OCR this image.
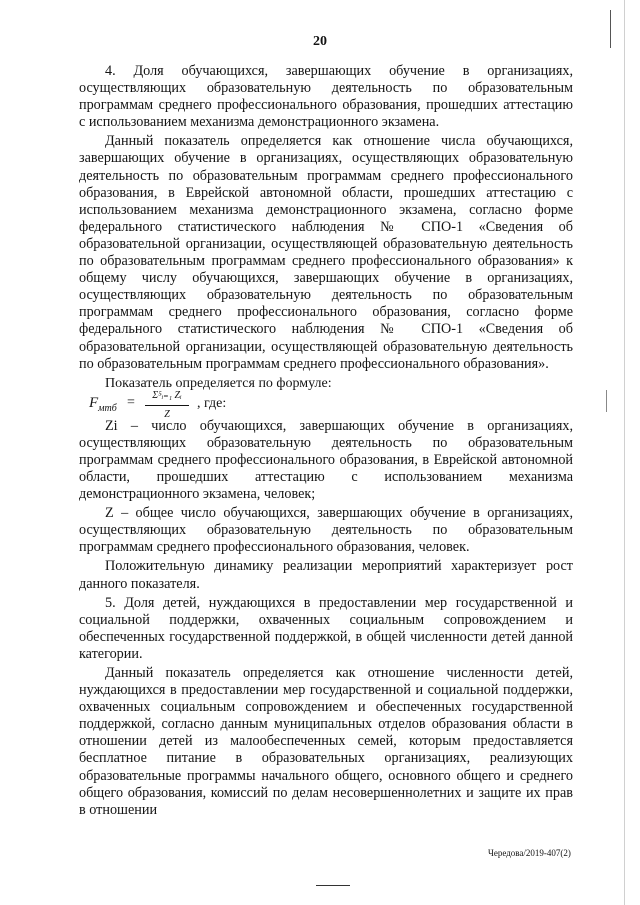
20

4. Доля обучающихся, завершающих обучение в организациях, осуществляющих образовательную деятельность по образовательным программам среднего профессионального образования, прошедших аттестацию с использованием механизма демонстрационного экзамена.

Данный показатель определяется как отношение числа обучающихся, завершающих обучение в организациях, осуществляющих образовательную деятельность по образовательным программам среднего профессионального образования, в Еврейской автономной области, прошедших аттестацию с использованием механизма демонстрационного экзамена, согласно форме федерального статистического наблюдения № СПО-1 «Сведения об образовательной организации, осуществляющей образовательную деятельность по образовательным программам среднего профессионального образования» к общему числу обучающихся, завершающих обучение в организациях, осуществляющих образовательную деятельность по образовательным программам среднего профессионального образования, согласно форме федерального статистического наблюдения № СПО-1 «Сведения об образовательной организации, осуществляющей образовательную деятельность по образовательным программам среднего профессионального образования».

Показатель определяется по формуле:
$F_{мтб} = \frac{\text{Σ⁵ᵢ₌₁ Zᵢ}}{Z}$ , где:

Zi – число обучающихся, завершающих обучение в организациях, осуществляющих образовательную деятельность по образовательным программам среднего профессионального образования, в Еврейской автономной области, прошедших аттестацию с использованием механизма демонстрационного экзамена, человек;

Z – общее число обучающихся, завершающих обучение в организациях, осуществляющих образовательную деятельность по образовательным программам среднего профессионального образования, человек.

Положительную динамику реализации мероприятий характеризует рост данного показателя.

5. Доля детей, нуждающихся в предоставлении мер государственной и социальной поддержки, охваченных социальным сопровождением и обеспеченных государственной поддержкой, в общей численности детей данной категории.

Данный показатель определяется как отношение численности детей, нуждающихся в предоставлении мер государственной и социальной поддержки, охваченных социальным сопровождением и обеспеченных государственной поддержкой, согласно данным муниципальных отделов образования области в отношении детей из малообеспеченных семей, которым предоставляется бесплатное питание в образовательных организациях, реализующих образовательные программы начального общего, основного общего и среднего общего образования, комиссий по делам несовершеннолетних и защите их прав в отношении

Чередова/2019-407(2)
